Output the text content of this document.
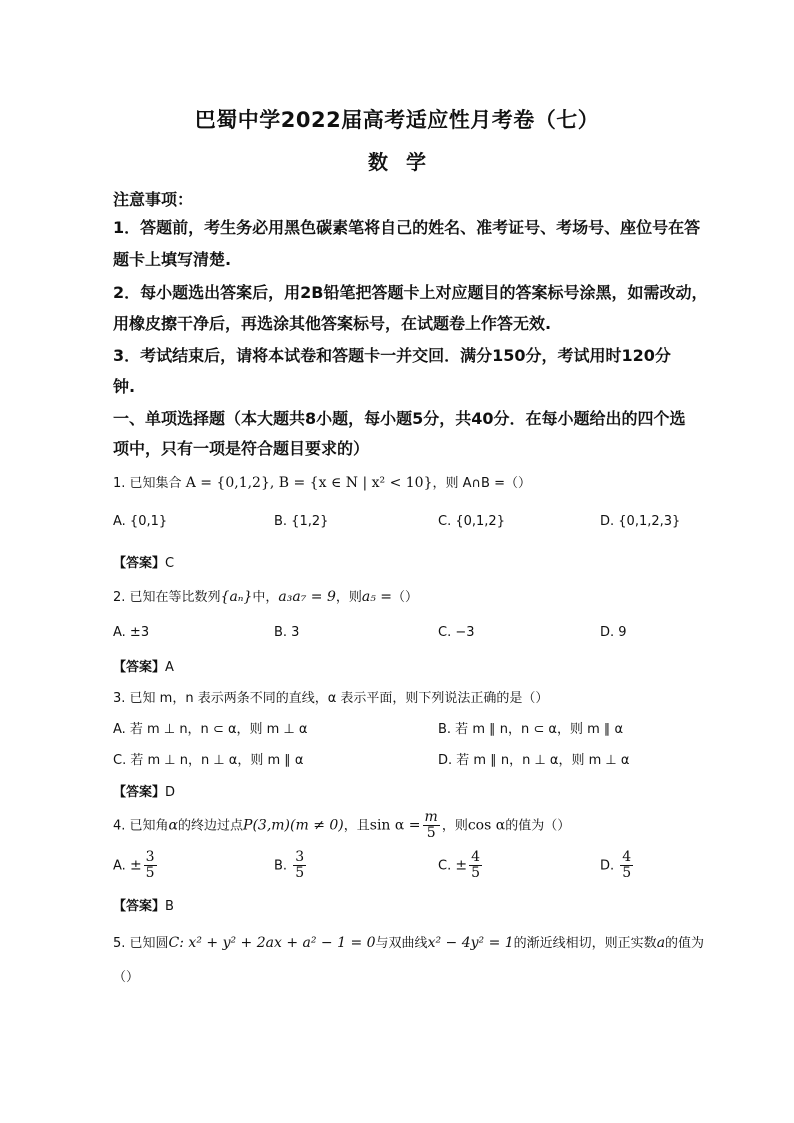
巴蜀中学2022届高考适应性月考卷（七）
数学
注意事项：
1．答题前，考生务必用黑色碳素笔将自己的姓名、准考证号、考场号、座位号在答
题卡上填写清楚.
2．每小题选出答案后，用2B铅笔把答题卡上对应题目的答案标号涂黑，如需改动，
用橡皮擦干净后，再选涂其他答案标号，在试题卷上作答无效.
3．考试结束后，请将本试卷和答题卡一并交回．满分150分，考试用时120分
钟.
一、单项选择题（本大题共8小题，每小题5分，共40分．在每小题给出的四个选
项中，只有一项是符合题目要求的）
1. 已知集合 A = {0,1,2}, B = {x ∈ N | x² < 10}，则 A∩B =（）
A. {0,1}	B. {1,2}	C. {0,1,2}	D. {0,1,2,3}
【答案】C
2. 已知在等比数列{aₙ}中，a₃a₇ = 9，则a₅ =（）
A. ±3	B. 3	C. −3	D. 9
【答案】A
3. 已知 m，n 表示两条不同的直线，α 表示平面，则下列说法正确的是（）
A. 若 m ⊥ n，n ⊂ α，则 m ⊥ α	B. 若 m ∥ n，n ⊂ α，则 m ∥ α
C. 若 m ⊥ n，n ⊥ α，则 m ∥ α	D. 若 m ∥ n，n ⊥ α，则 m ⊥ α
【答案】D
4. 已知角α的终边过点P(3,m)(m ≠ 0)，且$\sin \alpha = \frac{m}{5}$ ，则cos α的值为（）
A. ± $\frac{3}{5}$	B. $\frac{3}{5}$	C. ± $\frac{4}{5}$	D. $\frac{4}{5}$
【答案】B
5. 已知圆C: x² + y² + 2ax + a² − 1 = 0与双曲线x² − 4y² = 1的渐近线相切，则正实数a的值为
（）
